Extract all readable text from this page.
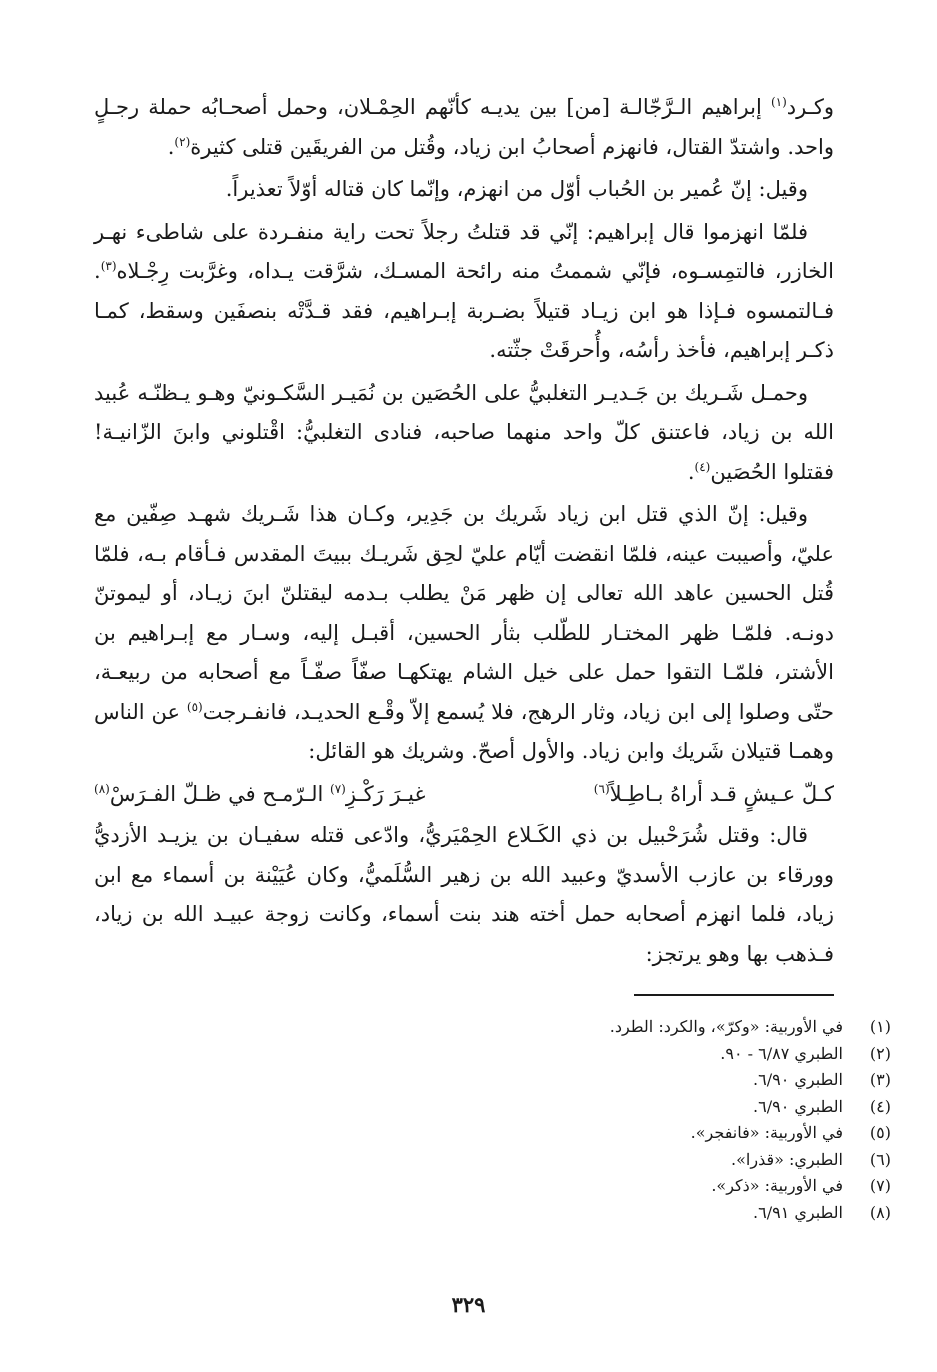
وكـرد$^{(١)}$ إبراهيم الـرَّجّالـة [من] بين يديـه كأنّهم الحِمْـلان، وحمل أصحـابُه حملة رجـلٍ واحد. واشتدّ القتال، فانهزم أصحابُ ابن زياد، وقُتل من الفريقَين قتلى كثيرة$^{(٢)}$.

وقيل: إنّ عُمير بن الحُباب أوّل من انهزم، وإنّما كان قتاله أوّلاً تعذيراً.

فلمّا انهزموا قال إبراهيم: إنّي قد قتلتُ رجلاً تحت راية منفـردة على شاطىء نهـر الخازر، فالتمِسـوه، فإنّي شممتُ منه رائحة المسـك، شرَّقت يـداه، وغرَّبت رِجْـلاه$^{(٣)}$. فـالتمسوه فـإذا هو ابن زيـاد قتيلاً بضـربة إبـراهيم، فقد قـدَّتْه بنصفَين وسقط، كمـا ذكـر إبراهيم، فأخذ رأسُه، وأُحرقَتْ جثّته.

وحمـل شَـريك بن جَـديـر التغلبيُّ على الحُصَين بن نُمَيـر السَّكـونيّ وهـو يـظنّـه عُبيد الله بن زياد، فاعتنق كلّ واحد منهما صاحبه، فنادى التغلبيُّ: اقْتلوني وابنَ الزّانيـة! فقتلوا الحُصَين$^{(٤)}$.

وقيل: إنّ الذي قتل ابن زياد شَريك بن جَدِير، وكـان هذا شَـريك شهـد صِفّين مع عليّ، وأصيبت عينه، فلمّا انقضت أيّام عليّ لحِق شَريـك ببيتَ المقدس فـأقام بـه، فلمّا قُتل الحسين عاهد الله تعالى إن ظهر مَنْ يطلب بـدمه ليقتلنّ ابنَ زيـاد، أو ليموتنّ دونـه. فلمّـا ظهر المختـار للطّلب بثأر الحسين، أقبـل إليه، وسـار مع إبـراهيم بن الأشتر، فلمّـا التقوا حمل على خيل الشام يهتكهـا صفّاً صفّـاً مع أصحابه من ربيعـة، حتّى وصلوا إلى ابن زياد، وثار الرهج، فلا يُسمع إلاّ وقْـع الحديـد، فانفـرجت$^{(٥)}$ عن الناس وهمـا قتيلان شَريك وابن زياد. والأول أصحّ. وشريك هو القائل:

كـلّ عـيشٍ قـد أراهُ بـاطِـلاً$^{(٦)}$
غيـرَ رَكْـزِ$^{(٧)}$ الـرّمـح في ظـلّ الفـرَسْ$^{(٨)}$

قال: وقتل شُرَحْبيل بن ذي الكَـلاع الحِمْيَريُّ، وادّعى قتله سفيـان بن يزيـد الأزديُّ وورقاء بن عازب الأسديّ وعبيد الله بن زهير السُّلَميُّ، وكان عُيَيْنة بن أسماء مع ابن زياد، فلما انهزم أصحابه حمل أخته هند بنت أسماء، وكانت زوجة عبيـد الله بن زياد، فـذهب بها وهو يرتجز:

(١)
في الأوربية: «وكرّ»، والكرد: الطرد.
(٢)
الطبري ٦/٨٧ - ٩٠.
(٣)
الطبري ٦/٩٠.
(٤)
الطبري ٦/٩٠.
(٥)
في الأوربية: «فانفجر».
(٦)
الطبري: «قذرا».
(٧)
في الأوربية: «ذكر».
(٨)
الطبري ٦/٩١.
٣٢٩
